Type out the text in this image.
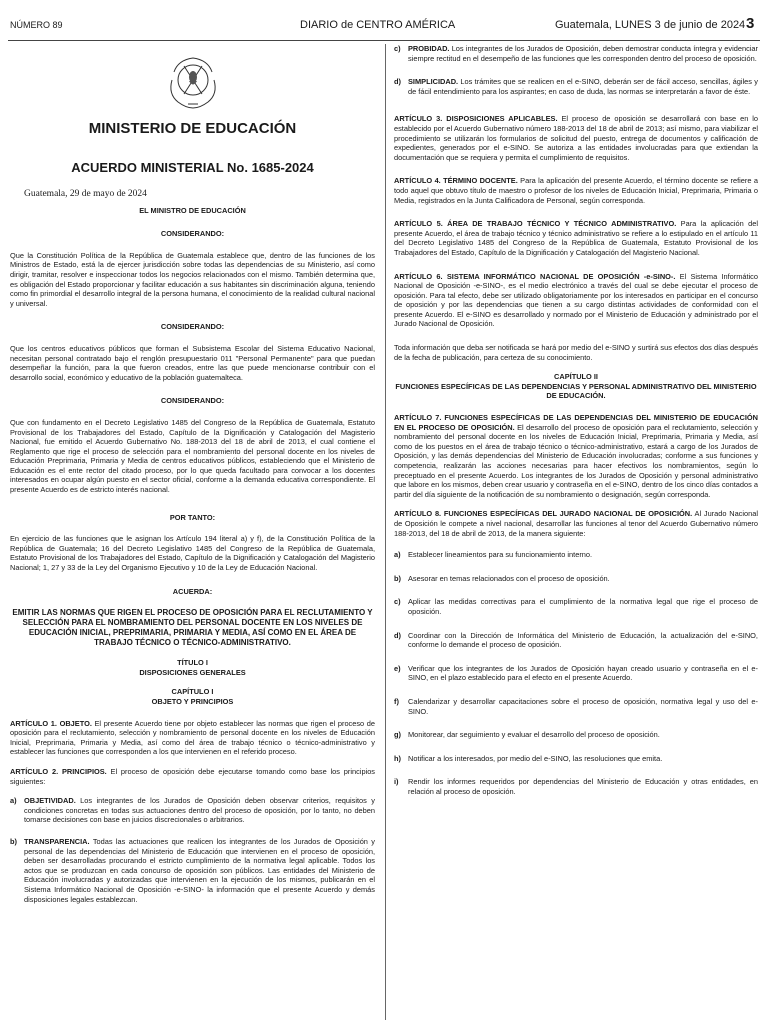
NÚMERO 89	DIARIO de CENTRO AMÉRICA	Guatemala, LUNES 3 de junio de 2024 3
MINISTERIO DE EDUCACIÓN
ACUERDO MINISTERIAL No. 1685-2024
Guatemala, 29 de mayo de 2024
EL MINISTRO DE EDUCACIÓN
CONSIDERANDO:

Que la Constitución Política de la República de Guatemala establece que, dentro de las funciones de los Ministros de Estado, está la de ejercer jurisdicción sobre todas las dependencias de su Ministerio, así como dirigir, tramitar, resolver e inspeccionar todos los negocios relacionados con el mismo. También determina que, es obligación del Estado proporcionar y facilitar educación a sus habitantes sin discriminación alguna, teniendo como fin primordial el desarrollo integral de la persona humana, el conocimiento de la realidad cultural nacional y universal.

CONSIDERANDO:

Que los centros educativos públicos que forman el Subsistema Escolar del Sistema Educativo Nacional, necesitan personal contratado bajo el renglón presupuestario 011 "Personal Permanente" para que puedan desempeñar la función, para la que fueron creados, entre las que puede mencionarse contribuir con el desarrollo social, económico y educativo de la población guatemalteca.

CONSIDERANDO:

Que con fundamento en el Decreto Legislativo 1485 del Congreso de la República de Guatemala, Estatuto Provisional de los Trabajadores del Estado, Capítulo de la Dignificación y Catalogación del Magisterio Nacional, fue emitido el Acuerdo Gubernativo No. 188-2013 del 18 de abril de 2013, el cual contiene el Reglamento que rige el proceso de selección para el nombramiento del personal docente en los niveles de Educación Preprimaria, Primaria y Media de centros educativos públicos, estableciendo que el Ministerio de Educación es el ente rector del citado proceso, por lo que queda facultado para convocar a los docentes interesados en ocupar algún puesto en el sector oficial, conforme a la demanda educativa correspondiente. El presente Acuerdo es de estricto interés nacional.

POR TANTO:

En ejercicio de las funciones que le asignan los Artículo 194 literal a) y f), de la Constitución Política de la República de Guatemala; 16 del Decreto Legislativo 1485 del Congreso de la República de Guatemala, Estatuto Provisional de los Trabajadores del Estado, Capítulo de la Dignificación y Catalogación del Magisterio Nacional; 1, 27 y 33 de la Ley del Organismo Ejecutivo y 10 de la Ley de Educación Nacional.

ACUERDA:
EMITIR LAS NORMAS QUE RIGEN EL PROCESO DE OPOSICIÓN PARA EL RECLUTAMIENTO Y SELECCIÓN PARA EL NOMBRAMIENTO DEL PERSONAL DOCENTE EN LOS NIVELES DE EDUCACIÓN INICIAL, PREPRIMARIA, PRIMARIA Y MEDIA, ASÍ COMO EN EL ÁREA DE TRABAJO TÉCNICO O TÉCNICO-ADMINISTRATIVO.
TÍTULO I
DISPOSICIONES GENERALES
CAPÍTULO I
OBJETO Y PRINCIPIOS

ARTÍCULO 1. OBJETO. El presente Acuerdo tiene por objeto establecer las normas que rigen el proceso de oposición para el reclutamiento, selección y nombramiento de personal docente en los niveles de Educación Inicial, Preprimaria, Primaria y Media, así como del área de trabajo técnico o técnico-administrativo y establecer las funciones que corresponden a los que intervienen en el referido proceso.

ARTÍCULO 2. PRINCIPIOS. El proceso de oposición debe ejecutarse tomando como base los principios siguientes:

a)	OBJETIVIDAD. Los integrantes de los Jurados de Oposición deben observar criterios, requisitos y condiciones concretas en todas sus actuaciones dentro del proceso de oposición, por lo tanto, no deben tomarse decisiones con base en juicios discrecionales o arbitrarios.
b) TRANSPARENCIA. Todas las actuaciones que realicen los integrantes de los Jurados de Oposición y personal de las dependencias del Ministerio de Educación que intervienen en el proceso de oposición, deben ser desarrolladas procurando el estricto cumplimiento de la normativa legal aplicable. Todos los actos que se produzcan en cada concurso de oposición son públicos. Las entidades del Ministerio de Educación involucradas y autorizadas que intervienen en la ejecución de los mismos, publicarán en el Sistema Informático Nacional de Oposición -e-SINO- la información que el presente Acuerdo y demás disposiciones legales establezcan.
c)	PROBIDAD. Los integrantes de los Jurados de Oposición, deben demostrar conducta íntegra y evidenciar siempre rectitud en el desempeño de las funciones que les corresponden dentro del proceso de oposición.
d) SIMPLICIDAD. Los trámites que se realicen en el e-SINO, deberán ser de fácil acceso, sencillas, ágiles y de fácil entendimiento para los aspirantes; en caso de duda, las normas se interpretarán a favor de éste.

ARTÍCULO 3. DISPOSICIONES APLICABLES. El proceso de oposición se desarrollará con base en lo establecido por el Acuerdo Gubernativo número 188-2013 del 18 de abril de 2013; así mismo, para viabilizar el procedimiento se utilizarán los formularios de solicitud del puesto, entrega de documentos y calificación de expedientes, generados por el e-SINO. Se autoriza a las entidades involucradas para que extiendan la documentación que se requiera y permita el cumplimiento de requisitos.

ARTÍCULO 4. TÉRMINO DOCENTE. Para la aplicación del presente Acuerdo, el término docente se refiere a todo aquel que obtuvo título de maestro o profesor de los niveles de Educación Inicial, Preprimaria, Primaria o Media, registrados en la Junta Calificadora de Personal, según corresponda.

ARTÍCULO 5. ÁREA DE TRABAJO TÉCNICO Y TÉCNICO ADMINISTRATIVO. Para la aplicación del presente Acuerdo, el área de trabajo técnico y técnico administrativo se refiere a lo estipulado en el artículo 11 del Decreto Legislativo 1485 del Congreso de la República de Guatemala, Estatuto Provisional de los Trabajadores del Estado, Capítulo de la Dignificación y Catalogación del Magisterio Nacional.

ARTÍCULO 6. SISTEMA INFORMÁTICO NACIONAL DE OPOSICIÓN -e-SINO-. El Sistema Informático Nacional de Oposición -e-SINO-, es el medio electrónico a través del cual se debe ejecutar el proceso de oposición. Para tal efecto, debe ser utilizado obligatoriamente por los interesados en participar en el concurso de oposición y por las dependencias que tienen a su cargo distintas actividades de conformidad con el presente Acuerdo. El e-SINO es desarrollado y normado por el Ministerio de Educación y administrado por el Jurado Nacional de Oposición.

Toda información que deba ser notificada se hará por medio del e-SINO y surtirá sus efectos dos días después de la fecha de publicación, para certeza de su conocimiento.

CAPÍTULO II
FUNCIONES ESPECÍFICAS DE LAS DEPENDENCIAS Y PERSONAL ADMINISTRATIVO DEL MINISTERIO DE EDUCACIÓN.

ARTÍCULO 7. FUNCIONES ESPECÍFICAS DE LAS DEPENDENCIAS DEL MINISTERIO DE EDUCACIÓN EN EL PROCESO DE OPOSICIÓN. El desarrollo del proceso de oposición para el reclutamiento, selección y nombramiento del personal docente en los niveles de Educación Inicial, Preprimaria, Primaria y Media, así como de los puestos en el área de trabajo técnico o técnico-administrativo, estará a cargo de los Jurados de Oposición, y las demás dependencias del Ministerio de Educación involucradas; conforme a sus funciones y competencia, realizarán las acciones necesarias para hacer efectivos los nombramientos, según lo preceptuado en el presente Acuerdo. Los integrantes de los Jurados de Oposición y personal administrativo que labore en los mismos, deben crear usuario y contraseña en el e-SINO, dentro de los cinco días contados a partir del día siguiente de la notificación de su nombramiento o designación, según corresponda.

ARTÍCULO 8. FUNCIONES ESPECÍFICAS DEL JURADO NACIONAL DE OPOSICIÓN. Al Jurado Nacional de Oposición le compete a nivel nacional, desarrollar las funciones al tenor del Acuerdo Gubernativo número 188-2013, del 18 de abril de 2013, de la manera siguiente:

a)	Establecer lineamientos para su funcionamiento interno.
b) Asesorar en temas relacionados con el proceso de oposición.
c)	Aplicar las medidas correctivas para el cumplimiento de la normativa legal que rige el proceso de oposición.
d) Coordinar con la Dirección de Informática del Ministerio de Educación, la actualización del e-SINO, conforme lo demande el proceso de oposición.
e)	Verificar que los integrantes de los Jurados de Oposición hayan creado usuario y contraseña en el e-SINO, en el plazo establecido para el efecto en el presente Acuerdo.
f)	Calendarizar y desarrollar capacitaciones sobre el proceso de oposición, normativa legal y uso del e-SINO.
g) Monitorear, dar seguimiento y evaluar el desarrollo del proceso de oposición.
h) Notificar a los interesados, por medio del e-SINO, las resoluciones que emita.
i)	Rendir los informes requeridos por dependencias del Ministerio de Educación y otras entidades, en relación al proceso de oposición.
